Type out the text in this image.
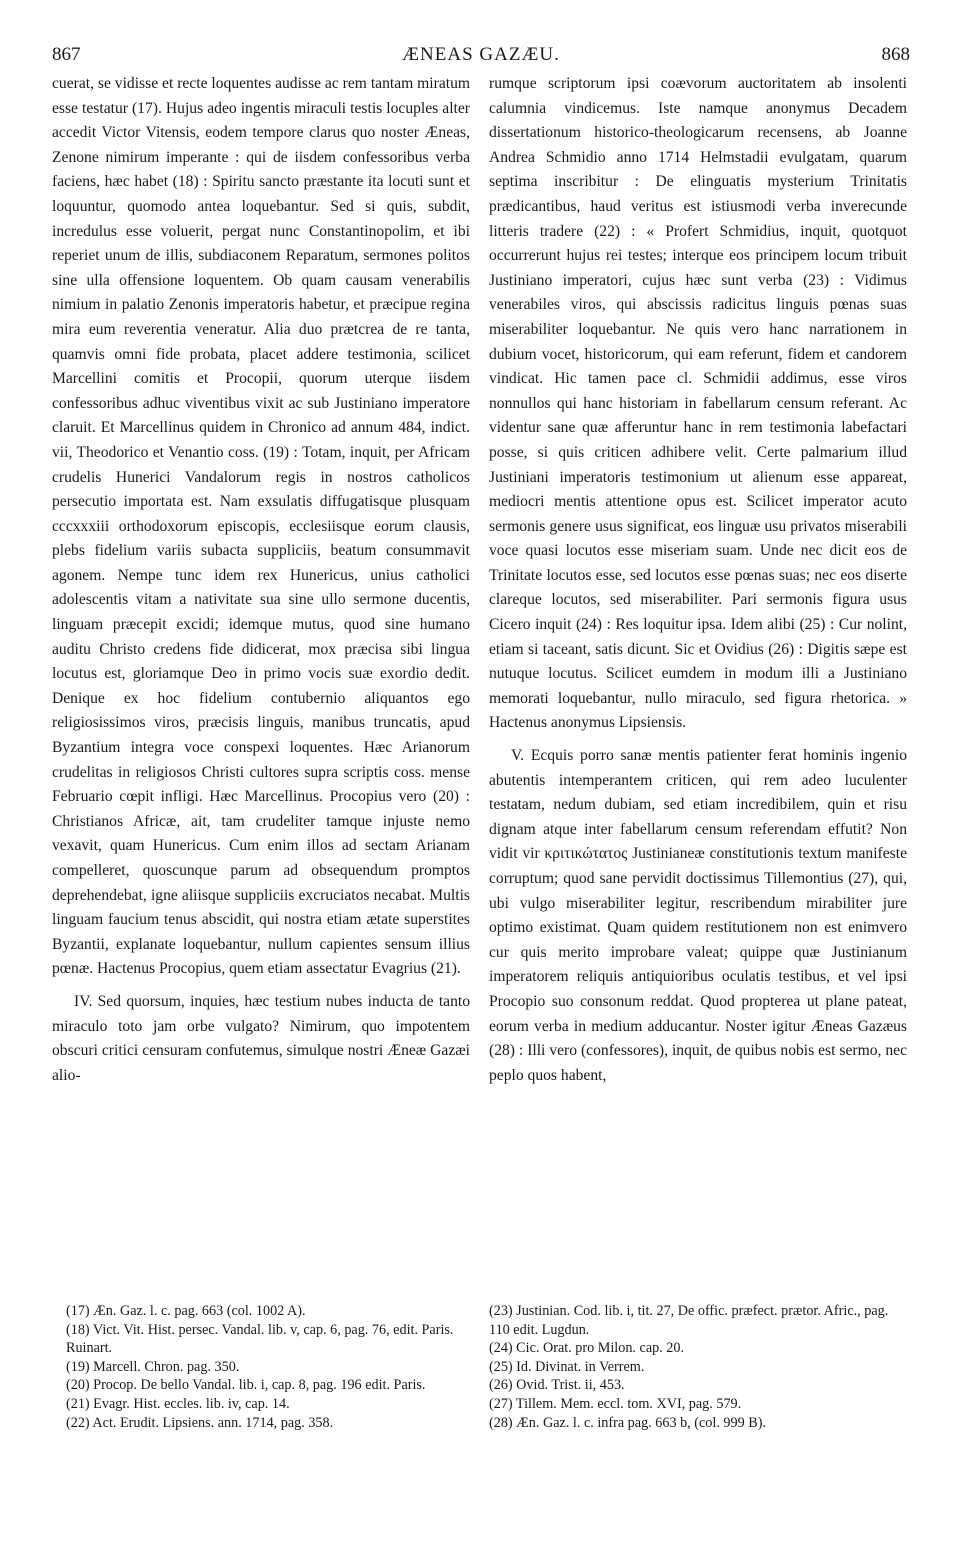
867	ÆNEAS GAZÆU.	868

cuerat, se vidisse et recte loquentes audisse ac rem tantam miratum esse testatur (17). Hujus adeo ingentis miraculi testis locuples alter accedit Victor Vitensis, eodem tempore clarus quo noster Æneas, Zenone nimirum imperante : qui de iisdem confessoribus verba faciens, hæc habet (18) : Spiritu sancto præstante ita locuti sunt et loquuntur, quomodo antea loquebantur. Sed si quis, subdit, incredulus esse voluerit, pergat nunc Constantinopolim, et ibi reperiet unum de illis, subdiaconem Reparatum, sermones politos sine ulla offensione loquentem. Ob quam causam venerabilis nimium in palatio Zenonis imperatoris habetur, et præcipue regina mira eum reverentia veneratur. Alia duo prætcrea de re tanta, quamvis omni fide probata, placet addere testimonia, scilicet Marcellini comitis et Procopii, quorum uterque iisdem confessoribus adhuc viventibus vixit ac sub Justiniano imperatore claruit. Et Marcellinus quidem in Chronico ad annum 484, indict. vii, Theodorico et Venantio coss. (19) : Totam, inquit, per Africam crudelis Hunerici Vandalorum regis in nostros catholicos persecutio importata est. Nam exsulatis diffugatisque plusquam cccxxxiii orthodoxorum episcopis, ecclesiisque eorum clausis, plebs fidelium variis subacta suppliciis, beatum consummavit agonem. Nempe tunc idem rex Hunericus, unius catholici adolescentis vitam a nativitate sua sine ullo sermone ducentis, linguam præcepit excidi; idemque mutus, quod sine humano auditu Christo credens fide didicerat, mox præcisa sibi lingua locutus est, gloriamque Deo in primo vocis suæ exordio dedit. Denique ex hoc fidelium contubernio aliquantos ego religiosissimos viros, præcisis linguis, manibus truncatis, apud Byzantium integra voce conspexi loquentes. Hæc Arianorum crudelitas in religiosos Christi cultores supra scriptis coss. mense Februario cœpit infligi. Hæc Marcellinus. Procopius vero (20) : Christianos Africæ, ait, tam crudeliter tamque injuste nemo vexavit, quam Hunericus. Cum enim illos ad sectam Arianam compelleret, quoscunque parum ad obsequendum promptos deprehendebat, igne aliisque suppliciis excruciatos necabat. Multis linguam faucium tenus abscidit, qui nostra etiam ætate superstites Byzantii, explanate loquebantur, nullum capientes sensum illius pœnæ. Hactenus Procopius, quem etiam assectatur Evagrius (21).

IV. Sed quorsum, inquies, hæc testium nubes inducta de tanto miraculo toto jam orbe vulgato? Nimirum, quo impotentem obscuri critici censuram confutemus, simulque nostri Æneæ Gazæi alio-

rumque scriptorum ipsi coævorum auctoritatem ab insolenti calumnia vindicemus. Iste namque anonymus Decadem dissertationum historico-theologicarum recensens, ab Joanne Andrea Schmidio anno 1714 Helmstadii evulgatam, quarum septima inscribitur : De elinguatis mysterium Trinitatis prædicantibus, haud veritus est istiusmodi verba inverecunde litteris tradere (22) : « Profert Schmidius, inquit, quotquot occurrerunt hujus rei testes; interque eos principem locum tribuit Justiniano imperatori, cujus hæc sunt verba (23) : Vidimus venerabiles viros, qui abscissis radicitus linguis pœnas suas miserabiliter loquebantur. Ne quis vero hanc narrationem in dubium vocet, historicorum, qui eam referunt, fidem et candorem vindicat. Hic tamen pace cl. Schmidii addimus, esse viros nonnullos qui hanc historiam in fabellarum censum referant. Ac videntur sane quæ afferuntur hanc in rem testimonia labefactari posse, si quis criticen adhibere velit. Certe palmarium illud Justiniani imperatoris testimonium ut alienum esse appareat, mediocri mentis attentione opus est. Scilicet imperator acuto sermonis genere usus significat, eos linguæ usu privatos miserabili voce quasi locutos esse miseriam suam. Unde nec dicit eos de Trinitate locutos esse, sed locutos esse pœnas suas; nec eos diserte clareque locutos, sed miserabiliter. Pari sermonis figura usus Cicero inquit (24) : Res loquitur ipsa. Idem alibi (25) : Cur nolint, etiam si taceant, satis dicunt. Sic et Ovidius (26) : Digitis sæpe est nutuque locutus. Scilicet eumdem in modum illi a Justiniano memorati loquebantur, nullo miraculo, sed figura rhetorica. » Hactenus anonymus Lipsiensis.

V. Ecquis porro sanæ mentis patienter ferat hominis ingenio abutentis intemperantem criticen, qui rem adeo luculenter testatam, nedum dubiam, sed etiam incredibilem, quin et risu dignam atque inter fabellarum censum referendam effutit? Non vidit vir κριτικώτατος Justinianeæ constitutionis textum manifeste corruptum; quod sane pervidit doctissimus Tillemontius (27), qui, ubi vulgo miserabiliter legitur, rescribendum mirabiliter jure optimo existimat. Quam quidem restitutionem non est enimvero cur quis merito improbare valeat; quippe quæ Justinianum imperatorem reliquis antiquioribus oculatis testibus, et vel ipsi Procopio suo consonum reddat. Quod propterea ut plane pateat, eorum verba in medium adducantur. Noster igitur Æneas Gazæus (28) : Illi vero (confessores), inquit, de quibus nobis est sermo, nec peplo quos habent,

(17) Æn. Gaz. l. c. pag. 663 (col. 1002 A).
(18) Vict. Vit. Hist. persec. Vandal. lib. v, cap. 6, pag. 76, edit. Paris. Ruinart.
(19) Marcell. Chron. pag. 350.
(20) Procop. De bello Vandal. lib. i, cap. 8, pag. 196 edit. Paris.
(21) Evagr. Hist. eccles. lib. iv, cap. 14.
(22) Act. Erudit. Lipsiens. ann. 1714, pag. 358.
(23) Justinian. Cod. lib. i, tit. 27, De offic. præfect. prætor. Afric., pag. 110 edit. Lugdun.
(24) Cic. Orat. pro Milon. cap. 20.
(25) Id. Divinat. in Verrem.
(26) Ovid. Trist. ii, 453.
(27) Tillem. Mem. eccl. tom. XVI, pag. 579.
(28) Æn. Gaz. l. c. infra pag. 663 b, (col. 999 B).
